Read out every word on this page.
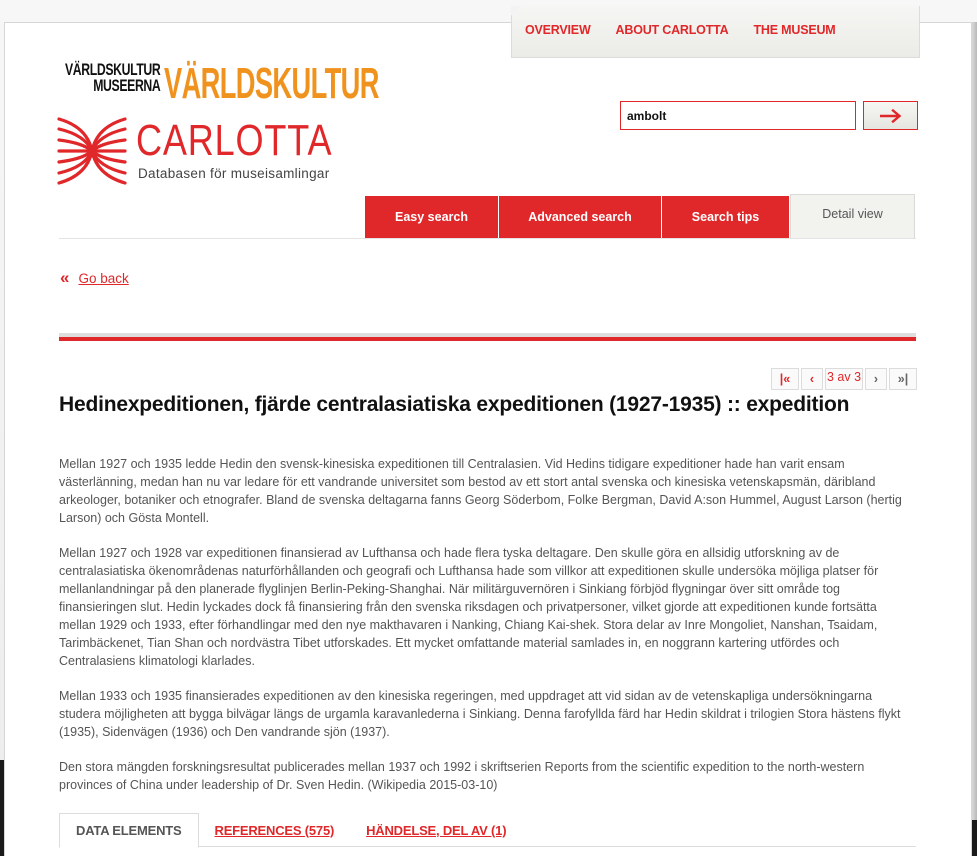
OVERVIEW ABOUT CARLOTTA THE MUSEUM
VÄRLDSKULTUR
MUSEERNA VÄRLDSKULTUR
CARLOTTA
Databasen för museisamlingar
ambolt
Easy search	Advanced search	Search tips	Detail view
« Go back
|« ‹ 3 av 3 › »|
Hedinexpeditionen, fjärde centralasiatiska expeditionen (1927-1935) :: expedition

Mellan 1927 och 1935 ledde Hedin den svensk-kinesiska expeditionen till Centralasien. Vid Hedins tidigare expeditioner hade han varit ensam västerlänning, medan han nu var ledare för ett vandrande universitet som bestod av ett stort antal svenska och kinesiska vetenskapsmän, däribland arkeologer, botaniker och etnografer. Bland de svenska deltagarna fanns Georg Söderbom, Folke Bergman, David A:son Hummel, August Larson (hertig Larson) och Gösta Montell.

Mellan 1927 och 1928 var expeditionen finansierad av Lufthansa och hade flera tyska deltagare. Den skulle göra en allsidig utforskning av de centralasiatiska ökenområdenas naturförhållanden och geografi och Lufthansa hade som villkor att expeditionen skulle undersöka möjliga platser för mellanlandningar på den planerade flyglinjen Berlin-Peking-Shanghai. När militärguvernören i Sinkiang förbjöd flygningar över sitt område tog finansieringen slut. Hedin lyckades dock få finansiering från den svenska riksdagen och privatpersoner, vilket gjorde att expeditionen kunde fortsätta mellan 1929 och 1933, efter förhandlingar med den nye makthavaren i Nanking, Chiang Kai-shek. Stora delar av Inre Mongoliet, Nanshan, Tsaidam, Tarimbäckenet, Tian Shan och nordvästra Tibet utforskades. Ett mycket omfattande material samlades in, en noggrann kartering utfördes och Centralasiens klimatologi klarlades.

Mellan 1933 och 1935 finansierades expeditionen av den kinesiska regeringen, med uppdraget att vid sidan av de vetenskapliga undersökningarna studera möjligheten att bygga bilvägar längs de urgamla karavanlederna i Sinkiang. Denna farofyllda färd har Hedin skildrat i trilogien Stora hästens flykt (1935), Sidenvägen (1936) och Den vandrande sjön (1937).

Den stora mängden forskningsresultat publicerades mellan 1937 och 1992 i skriftserien Reports from the scientific expedition to the north-western provinces of China under leadership of Dr. Sven Hedin. (Wikipedia 2015-03-10)

DATA ELEMENTS	REFERENCES (575)	HÄNDELSE, DEL AV (1)
